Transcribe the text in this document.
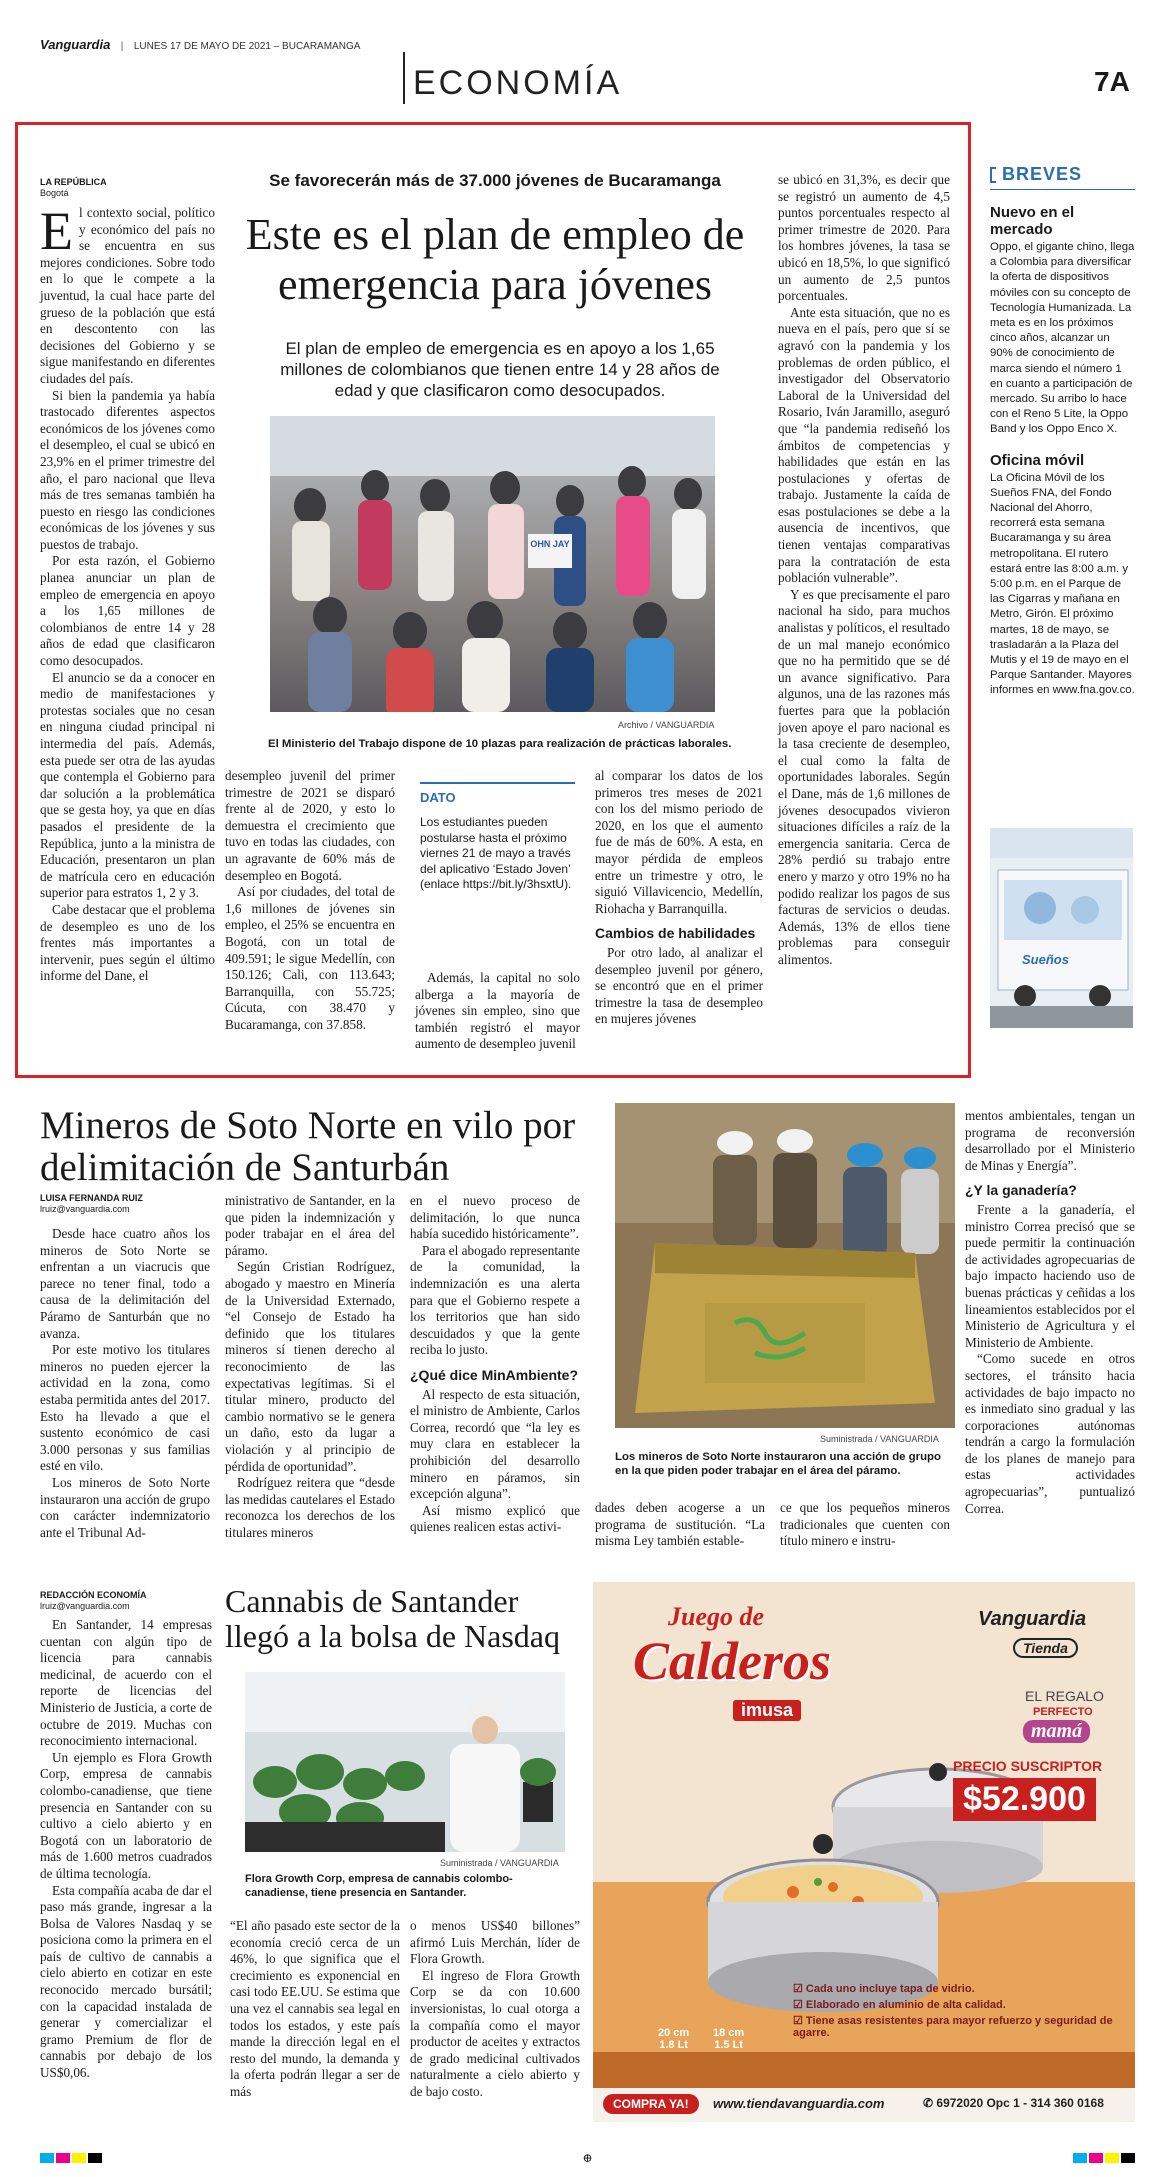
Vanguardia | LUNES 17 DE MAYO DE 2021 – BUCARAMANGA
ECONOMÍA	7A
LA REPÚBLICA
Bogotá
Se favorecerán más de 37.000 jóvenes de Bucaramanga
Este es el plan de empleo de emergencia para jóvenes
El plan de empleo de emergencia es en apoyo a los 1,65 millones de colombianos que tienen entre 14 y 28 años de edad y que clasificaron como desocupados.
E l contexto social, político y económico del país no se encuentra en sus mejores condiciones. Sobre todo en lo que le compete a la juventud, la cual hace parte del grueso de la población que está en descontento con las decisiones del Gobierno y se sigue manifestando en diferentes ciudades del país.

Si bien la pandemia ya había trastocado diferentes aspectos económicos de los jóvenes como el desempleo, el cual se ubicó en 23,9% en el primer trimestre del año, el paro nacional que lleva más de tres semanas también ha puesto en riesgo las condiciones económicas de los jóvenes y sus puestos de trabajo.

Por esta razón, el Gobierno planea anunciar un plan de empleo de emergencia en apoyo a los 1,65 millones de colombianos de entre 14 y 28 años de edad que clasificaron como desocupados.

El anuncio se da a conocer en medio de manifestaciones y protestas sociales que no cesan en ninguna ciudad principal ni intermedia del país. Además, esta puede ser otra de las ayudas que contempla el Gobierno para dar solución a la problemática que se gesta hoy, ya que en días pasados el presidente de la República, junto a la ministra de Educación, presentaron un plan de matrícula cero en educación superior para estratos 1, 2 y 3.

Cabe destacar que el problema de desempleo es uno de los frentes más importantes a intervenir, pues según el último informe del Dane, el

OHN JAY
Archivo / VANGUARDIA
El Ministerio del Trabajo dispone de 10 plazas para realización de prácticas laborales.

desempleo juvenil del primer trimestre de 2021 se disparó frente al de 2020, y esto lo demuestra el crecimiento que tuvo en todas las ciudades, con un agravante de 60% más de desempleo en Bogotá.

Así por ciudades, del total de 1,6 millones de jóvenes sin empleo, el 25% se encuentra en Bogotá, con un total de 409.591; le sigue Medellín, con 150.126; Cali, con 113.643; Barranquilla, con 55.725; Cúcuta, con 38.470 y Bucaramanga, con 37.858.

DATO
Los estudiantes pueden postularse hasta el próximo viernes 21 de mayo a través del aplicativo ‘Estado Joven’ (enlace https://bit.ly/3hsxtU).

Además, la capital no solo alberga a la mayoría de jóvenes sin empleo, sino que también registró el mayor aumento de desempleo juvenil

al comparar los datos de los primeros tres meses de 2021 con los del mismo periodo de 2020, en los que el aumento fue de más de 60%. A esta, en mayor pérdida de empleos entre un trimestre y otro, le siguió Villavicencio, Medellín, Riohacha y Barranquilla.

Cambios de habilidades

Por otro lado, al analizar el desempleo juvenil por género, se encontró que en el primer trimestre la tasa de desempleo en mujeres jóvenes

se ubicó en 31,3%, es decir que se registró un aumento de 4,5 puntos porcentuales respecto al primer trimestre de 2020. Para los hombres jóvenes, la tasa se ubicó en 18,5%, lo que significó un aumento de 2,5 puntos porcentuales.

Ante esta situación, que no es nueva en el país, pero que sí se agravó con la pandemia y los problemas de orden público, el investigador del Observatorio Laboral de la Universidad del Rosario, Iván Jaramillo, aseguró que “la pandemia rediseñó los ámbitos de competencias y habilidades que están en las postulaciones y ofertas de trabajo. Justamente la caída de esas postulaciones se debe a la ausencia de incentivos, que tienen ventajas comparativas para la contratación de esta población vulnerable”.

Y es que precisamente el paro nacional ha sido, para muchos analistas y políticos, el resultado de un mal manejo económico que no ha permitido que se dé un avance significativo. Para algunos, una de las razones más fuertes para que la población joven apoye el paro nacional es la tasa creciente de desempleo, el cual como la falta de oportunidades laborales. Según el Dane, más de 1,6 millones de jóvenes desocupados vivieron situaciones difíciles a raíz de la emergencia sanitaria. Cerca de 28% perdió su trabajo entre enero y marzo y otro 19% no ha podido realizar los pagos de sus facturas de servicios o deudas. Además, 13% de ellos tiene problemas para conseguir alimentos.

BREVES
Nuevo en el mercado
Oppo, el gigante chino, llega a Colombia para diversificar la oferta de dispositivos móviles con su concepto de Tecnología Humanizada. La meta es en los próximos cinco años, alcanzar un 90% de conocimiento de marca siendo el número 1 en cuanto a participación de mercado. Su arribo lo hace con el Reno 5 Lite, la Oppo Band y los Oppo Enco X.
Oficina móvil
La Oficina Móvil de los Sueños FNA, del Fondo Nacional del Ahorro, recorrerá esta semana Bucaramanga y su área metropolitana. El rutero estará entre las 8:00 a.m. y 5:00 p.m. en el Parque de las Cigarras y mañana en Metro, Girón. El próximo martes, 18 de mayo, se trasladarán a la Plaza del Mutis y el 19 de mayo en el Parque Santander. Mayores informes en www.fna.gov.co.
Sueños
Mineros de Soto Norte en vilo por delimitación de Santurbán
LUISA FERNANDA RUIZ
lruiz@vanguardia.com

Desde hace cuatro años los mineros de Soto Norte se enfrentan a un viacrucis que parece no tener final, todo a causa de la delimitación del Páramo de Santurbán que no avanza.

Por este motivo los titulares mineros no pueden ejercer la actividad en la zona, como estaba permitida antes del 2017. Esto ha llevado a que el sustento económico de casi 3.000 personas y sus familias esté en vilo.

Los mineros de Soto Norte instauraron una acción de grupo con carácter indemnizatorio ante el Tribunal Ad-

ministrativo de Santander, en la que piden la indemnización y poder trabajar en el área del páramo.

Según Cristian Rodríguez, abogado y maestro en Minería de la Universidad Externado, “el Consejo de Estado ha definido que los titulares mineros sí tienen derecho al reconocimiento de las expectativas legítimas. Si el titular minero, producto del cambio normativo se le genera un daño, esto da lugar a violación y al principio de pérdida de oportunidad”.

Rodríguez reitera que “desde las medidas cautelares el Estado reconozca los derechos de los titulares mineros

en el nuevo proceso de delimitación, lo que nunca había sucedido históricamente”.

Para el abogado representante de la comunidad, la indemnización es una alerta para que el Gobierno respete a los territorios que han sido descuidados y que la gente reciba lo justo.

¿Qué dice MinAmbiente?

Al respecto de esta situación, el ministro de Ambiente, Carlos Correa, recordó que “la ley es muy clara en establecer la prohibición del desarrollo minero en páramos, sin excepción alguna”.

Así mismo explicó que quienes realicen estas activi-

Suministrada / VANGUARDIA
Los mineros de Soto Norte instauraron una acción de grupo en la que piden poder trabajar en el área del páramo.

dades deben acogerse a un programa de sustitución. “La misma Ley también estable-

ce que los pequeños mineros tradicionales que cuenten con título minero e instru-

mentos ambientales, tengan un programa de reconversión desarrollado por el Ministerio de Minas y Energía”.

¿Y la ganadería?

Frente a la ganadería, el ministro Correa precisó que se puede permitir la continuación de actividades agropecuarias de bajo impacto haciendo uso de buenas prácticas y ceñidas a los lineamientos establecidos por el Ministerio de Agricultura y el Ministerio de Ambiente.

“Como sucede en otros sectores, el tránsito hacia actividades de bajo impacto no es inmediato sino gradual y las corporaciones autónomas tendrán a cargo la formulación de los planes de manejo para estas actividades agropecuarias”, puntualizó Correa.

REDACCIÓN ECONOMÍA
lruiz@vanguardia.com	Cannabis de Santander llegó a la bolsa de Nasdaq

En Santander, 14 empresas cuentan con algún tipo de licencia para cannabis medicinal, de acuerdo con el reporte de licencias del Ministerio de Justicia, a corte de octubre de 2019. Muchas con reconocimiento internacional.

Un ejemplo es Flora Growth Corp, empresa de cannabis colombo-canadiense, que tiene presencia en Santander con su cultivo a cielo abierto y en Bogotá con un laboratorio de más de 1.600 metros cuadrados de última tecnología.

Esta compañía acaba de dar el paso más grande, ingresar a la Bolsa de Valores Nasdaq y se posiciona como la primera en el país de cultivo de cannabis a cielo abierto en cotizar en este reconocido mercado bursátil; con la capacidad instalada de generar y comercializar el gramo Premium de flor de cannabis por debajo de los US$0,06.

Suministrada / VANGUARDIA
Flora Growth Corp, empresa de cannabis colombo-canadiense, tiene presencia en Santander.

“El año pasado este sector de la economía creció cerca de un 46%, lo que significa que el crecimiento es exponencial en casi todo EE.UU. Se estima que una vez el cannabis sea legal en todos los estados, y este país mande la dirección legal en el resto del mundo, la demanda y la oferta podrán llegar a ser de más

o menos US$40 billones” afirmó Luis Merchán, líder de Flora Growth.

El ingreso de Flora Growth Corp se da con 10.600 inversionistas, lo cual otorga a la compañía como el mayor productor de aceites y extractos de grado medicinal cultivados naturalmente a cielo abierto y de bajo costo.

Juego de
Calderos
imusa
Vanguardia
Tienda
EL REGALO
PERFECTO
mamá
PRECIO SUSCRIPTOR
$52.900
☑ Cada uno incluye tapa de vidrio.
☑ Elaborado en aluminio de alta calidad.
☑ Tiene asas resistentes para mayor refuerzo y seguridad de agarre.
20 cm
1.8 Lt
18 cm
1.5 Lt
COMPRA YA!	www.tiendavanguardia.com	✆ 6972020 Opc 1 - 314 360 0168
⊕
